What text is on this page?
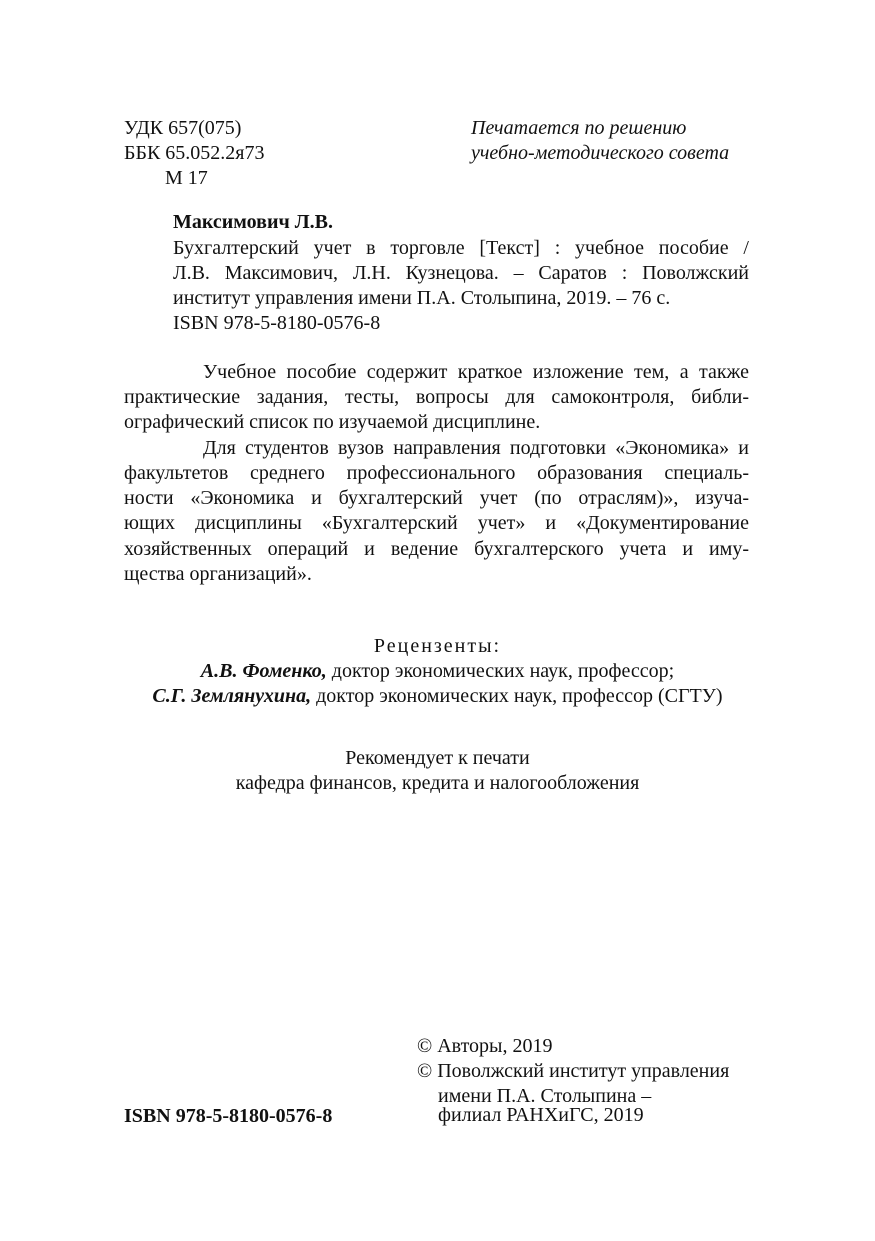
УДК 657(075)
ББК 65.052.2я73
М 17
Печатается по решению
учебно-методического совета
Максимович Л.В.
Бухгалтерский учет в торговле [Текст] : учебное пособие /
Л.В. Максимович, Л.Н. Кузнецова. – Саратов : Поволжский
институт управления имени П.А. Столыпина, 2019. – 76 с.
ISBN 978-5-8180-0576-8
Учебное пособие содержит краткое изложение тем, а также
практические задания, тесты, вопросы для самоконтроля, библи-
ографический список по изучаемой дисциплине.
Для студентов вузов направления подготовки «Экономика» и
факультетов среднего профессионального образования специаль-
ности «Экономика и бухгалтерский учет (по отраслям)», изуча-
ющих дисциплины «Бухгалтерский учет» и «Документирование
хозяйственных операций и ведение бухгалтерского учета и иму-
щества организаций».
Рецензенты:
А.В. Фоменко, доктор экономических наук, профессор;
С.Г. Землянухина, доктор экономических наук, профессор (СГТУ)
Рекомендует к печати
кафедра финансов, кредита и налогообложения
© Авторы, 2019
© Поволжский институт управления
имени П.А. Столыпина –
филиал РАНХиГС, 2019
ISBN 978-5-8180-0576-8
